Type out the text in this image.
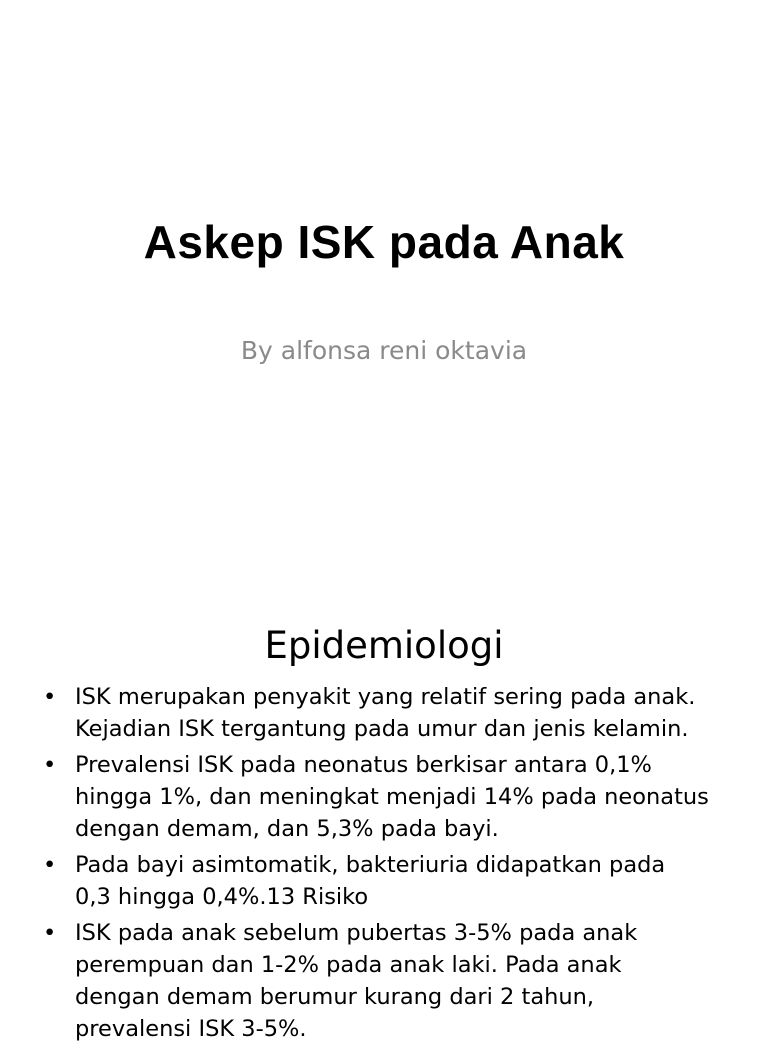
Askep ISK pada Anak

By alfonsa reni oktavia

Epidemiologi
• ISK merupakan penyakit yang relatif sering pada anak.
Kejadian ISK tergantung pada umur dan jenis kelamin.
• Prevalensi ISK pada neonatus berkisar antara 0,1%
hingga 1%, dan meningkat menjadi 14% pada neonatus
dengan demam, dan 5,3% pada bayi.
• Pada bayi asimtomatik, bakteriuria didapatkan pada
0,3 hingga 0,4%.13 Risiko
• ISK pada anak sebelum pubertas 3-5% pada anak
perempuan dan 1-2% pada anak laki. Pada anak
dengan demam berumur kurang dari 2 tahun,
prevalensi ISK 3-5%.
